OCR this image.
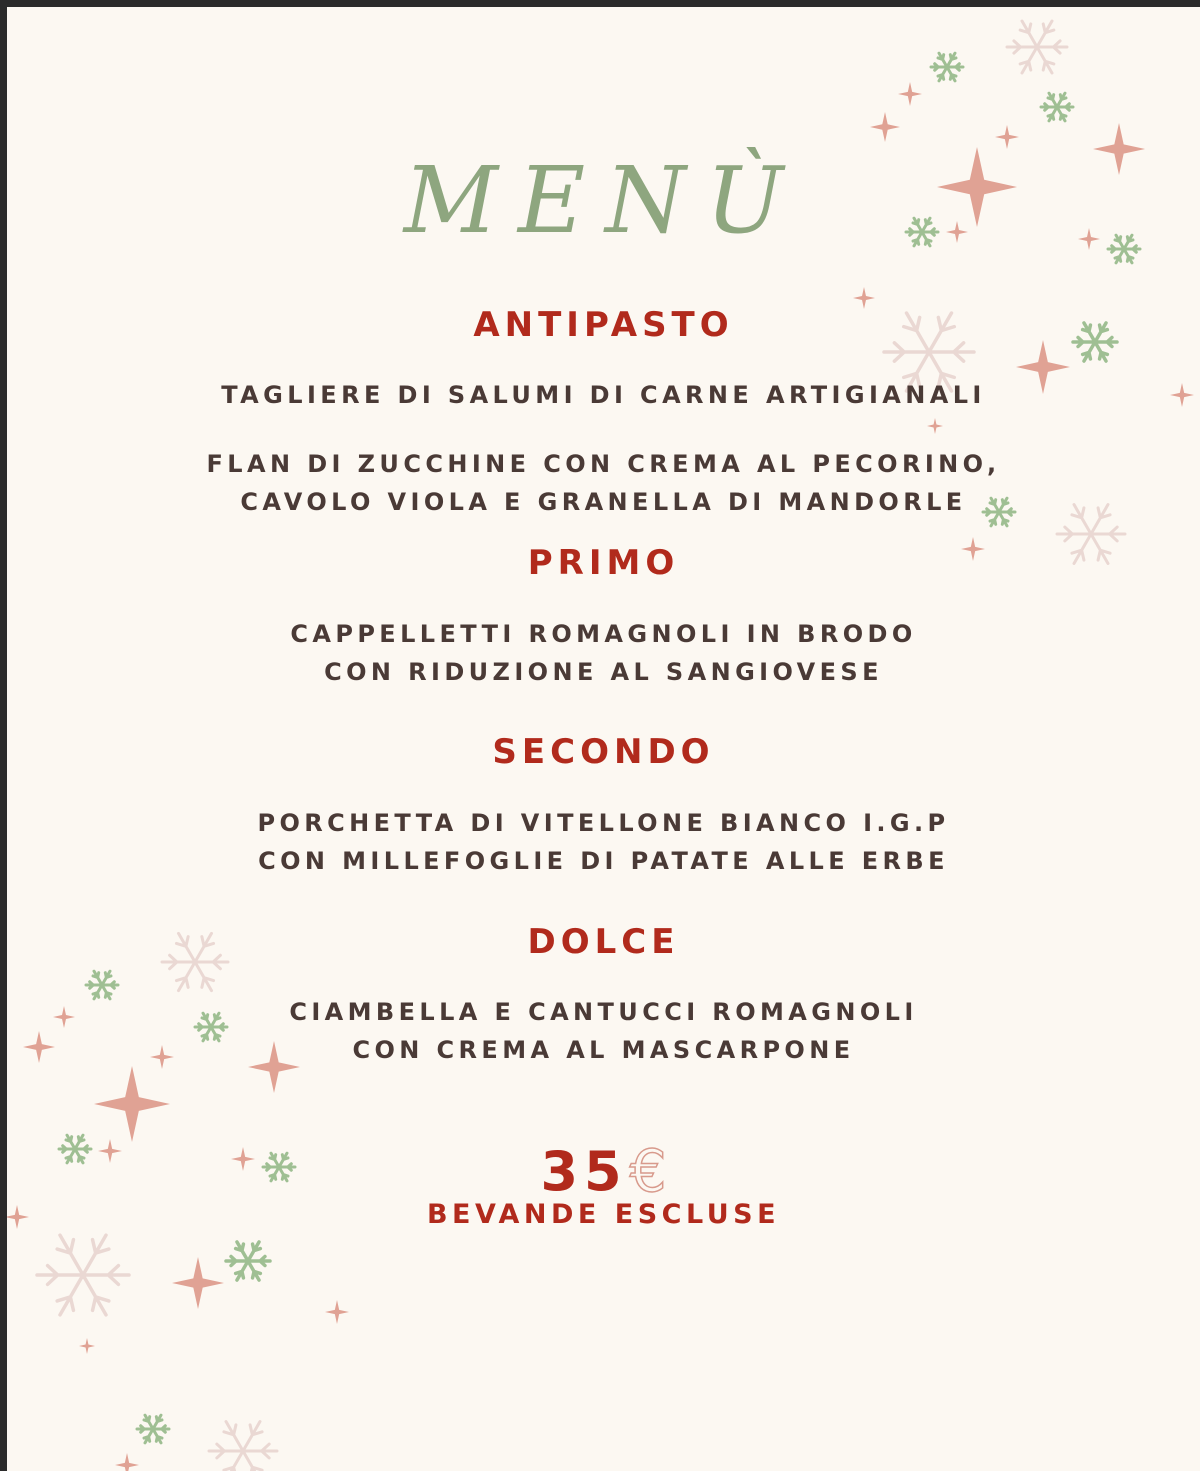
MENÙ
ANTIPASTO
TAGLIERE DI SALUMI DI CARNE ARTIGIANALI
FLAN DI ZUCCHINE CON CREMA AL PECORINO,
CAVOLO VIOLA E GRANELLA DI MANDORLE
PRIMO
CAPPELLETTI ROMAGNOLI IN BRODO
CON RIDUZIONE AL SANGIOVESE
SECONDO
PORCHETTA DI VITELLONE BIANCO I.G.P
CON MILLEFOGLIE DI PATATE ALLE ERBE
DOLCE
CIAMBELLA E CANTUCCI ROMAGNOLI
CON CREMA AL MASCARPONE
35€
BEVANDE ESCLUSE
